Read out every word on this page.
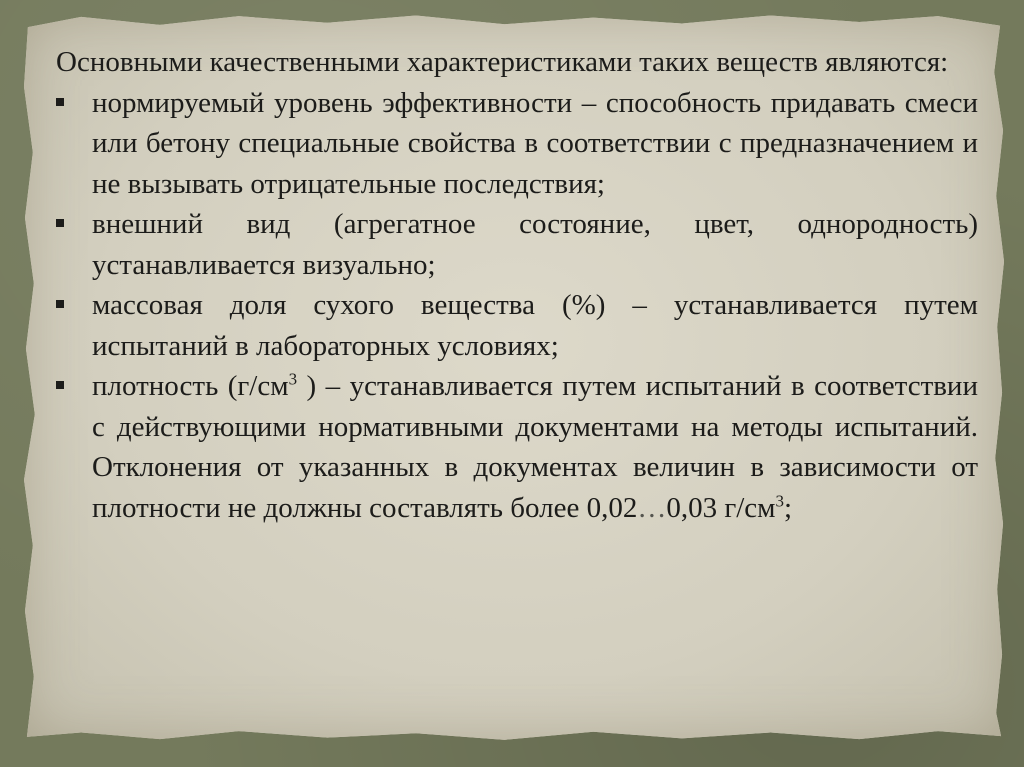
Основными качественными характеристиками таких веществ являются:

нормируемый уровень эффективности – способность придавать смеси или бетону специальные свойства в соответствии с предназначением и не вызывать отрицательные последствия;
внешний вид (агрегатное состояние, цвет, однородность) устанавливается визуально;
массовая доля сухого вещества (%) – устанавливается путем испытаний в лабораторных условиях;
плотность ($г/см^3$ ) – устанавливается путем испытаний в соответствии с действующими нормативными документами на методы испытаний. Отклонения от указанных в документах величин в зависимости от плотности не должны составлять более 0,02…0,03 $г/см^3$;
